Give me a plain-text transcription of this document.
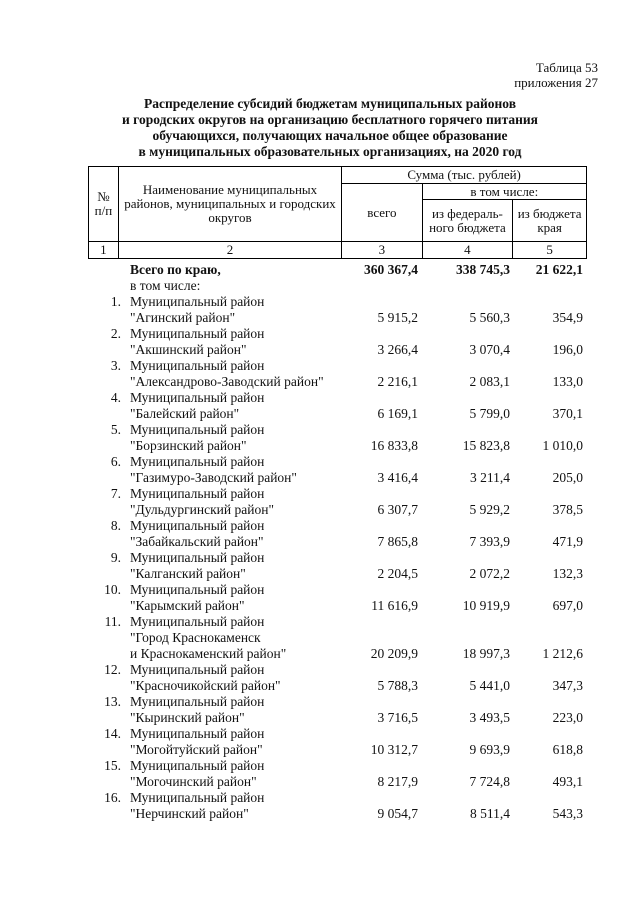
Таблица 53
приложения 27
Распределение субсидий бюджетам муниципальных районов
и городских округов на организацию бесплатного горячего питания
обучающихся, получающих начальное общее образование
в муниципальных образовательных организациях, на 2020 год
№ п/п	Наименование муниципальных районов, муниципальных и городских округов	Сумма (тыс. рублей)		
		всего	в том числе:	
			из федераль-ного бюджета	из бюджета края
1	2	3	4	5
	Всего по краю,	360 367,4	338 745,3	21 622,1
	в том числе:			
1.	Муниципальный район			
	"Агинский район"	5 915,2	5 560,3	354,9
2.	Муниципальный район			
	"Акшинский район"	3 266,4	3 070,4	196,0
3.	Муниципальный район			
	"Александрово-Заводский район"	2 216,1	2 083,1	133,0
4.	Муниципальный район			
	"Балейский район"	6 169,1	5 799,0	370,1
5.	Муниципальный район			
	"Борзинский район"	16 833,8	15 823,8	1 010,0
6.	Муниципальный район			
	"Газимуро-Заводский район"	3 416,4	3 211,4	205,0
7.	Муниципальный район			
	"Дульдургинский район"	6 307,7	5 929,2	378,5
8.	Муниципальный район			
	"Забайкальский район"	7 865,8	7 393,9	471,9
9.	Муниципальный район			
	"Калганский район"	2 204,5	2 072,2	132,3
10.	Муниципальный район			
	"Карымский район"	11 616,9	10 919,9	697,0
11.	Муниципальный район			
	"Город Краснокаменск			
	и Краснокаменский район"	20 209,9	18 997,3	1 212,6
12.	Муниципальный район			
	"Красночикойский район"	5 788,3	5 441,0	347,3
13.	Муниципальный район			
	"Кыринский район"	3 716,5	3 493,5	223,0
14.	Муниципальный район			
	"Могойтуйский район"	10 312,7	9 693,9	618,8
15.	Муниципальный район			
	"Могочинский район"	8 217,9	7 724,8	493,1
16.	Муниципальный район			
	"Нерчинский район"	9 054,7	8 511,4	543,3
